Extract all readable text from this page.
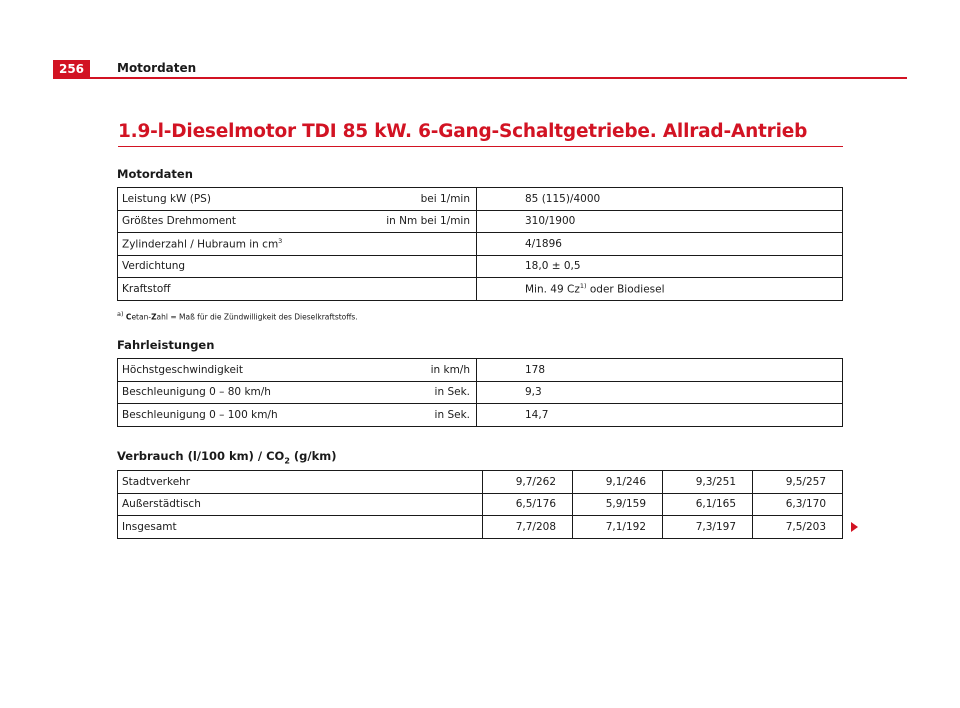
256	Motordaten
1.9-l-Dieselmotor TDI 85 kW. 6-Gang-Schaltgetriebe. Allrad-Antrieb
Motordaten
Leistung kW (PS)	bei 1/min	85 (115)/4000
Größtes Drehmoment	in Nm bei 1/min	310/1900
Zylinderzahl / Hubraum in $cm^3$		4/1896
Verdichtung		18,0 ± 0,5
Kraftstoff		Min. 49 Cz$^{1)}$ oder Biodiesel
$^{a)}$ Cetan-Zahl = Maß für die Zündwilligkeit des Dieselkraftstoffs.
Fahrleistungen
Höchstgeschwindigkeit	in km/h	178
Beschleunigung 0 – 80 km/h	in Sek.	9,3
Beschleunigung 0 – 100 km/h	in Sek.	14,7
Verbrauch (l/100 $km) / CO_2$ (g/km)
Stadtverkehr	9,7/262	9,1/246	9,3/251	9,5/257
Außerstädtisch	6,5/176	5,9/159	6,1/165	6,3/170
Insgesamt	7,7/208	7,1/192	7,3/197	7,5/203
